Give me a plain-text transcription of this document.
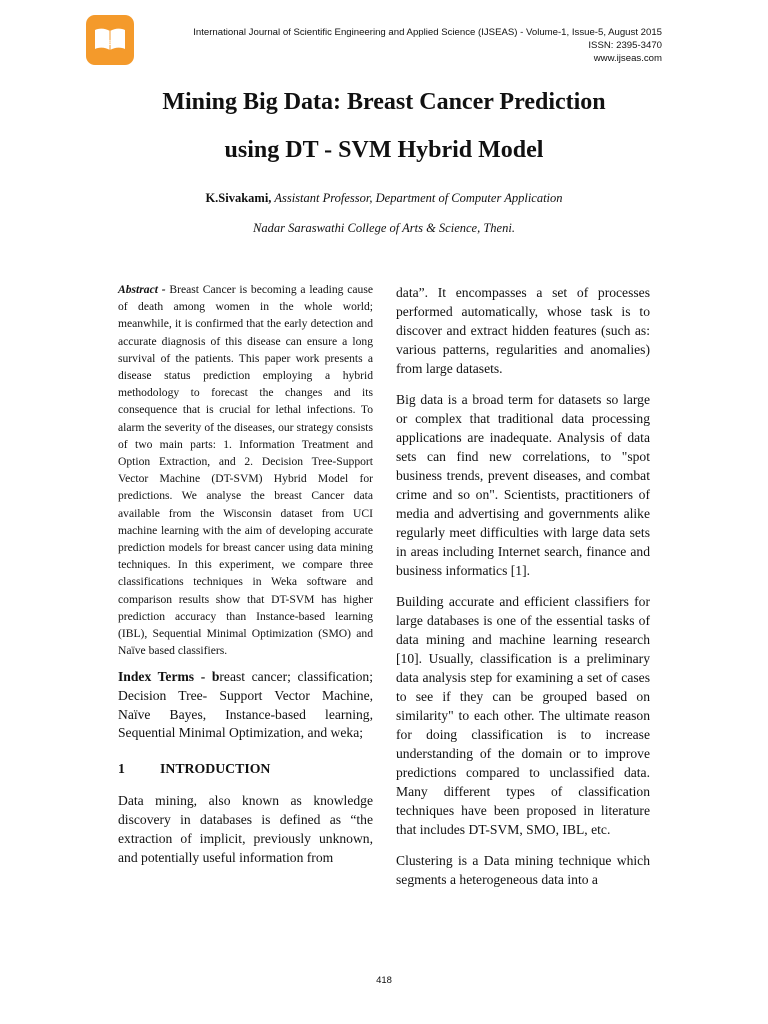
IJSEAS
International Journal of Scientific Engineering and Applied Science (IJSEAS) - Volume-1, Issue-5, August 2015
ISSN: 2395-3470
www.ijseas.com
Mining Big Data: Breast Cancer Prediction
using DT - SVM Hybrid Model
K.Sivakami, Assistant Professor, Department of Computer Application
Nadar Saraswathi College of Arts & Science, Theni.

Abstract - Breast Cancer is becoming a leading cause of death among women in the whole world; meanwhile, it is confirmed that the early detection and accurate diagnosis of this disease can ensure a long survival of the patients. This paper work presents a disease status prediction employing a hybrid methodology to forecast the changes and its consequence that is crucial for lethal infections. To alarm the severity of the diseases, our strategy consists of two main parts: 1. Information Treatment and Option Extraction, and 2. Decision Tree-Support Vector Machine (DT-SVM) Hybrid Model for predictions. We analyse the breast Cancer data available from the Wisconsin dataset from UCI machine learning with the aim of developing accurate prediction models for breast cancer using data mining techniques. In this experiment, we compare three classifications techniques in Weka software and comparison results show that DT-SVM has higher prediction accuracy than Instance-based learning (IBL), Sequential Minimal Optimization (SMO) and Naïve based classifiers.

Index Terms - breast cancer; classification; Decision Tree- Support Vector Machine, Naïve Bayes, Instance-based learning, Sequential Minimal Optimization, and weka;

1	INTRODUCTION

Data mining, also known as knowledge discovery in databases is defined as “the extraction of implicit, previously unknown, and potentially useful information from

data”. It encompasses a set of processes performed automatically, whose task is to discover and extract hidden features (such as: various patterns, regularities and anomalies) from large datasets.

Big data is a broad term for datasets so large or complex that traditional data processing applications are inadequate. Analysis of data sets can find new correlations, to "spot business trends, prevent diseases, and combat crime and so on". Scientists, practitioners of media and advertising and governments alike regularly meet difficulties with large data sets in areas including Internet search, finance and business informatics [1].

Building accurate and efficient classifiers for large databases is one of the essential tasks of data mining and machine learning research [10]. Usually, classification is a preliminary data analysis step for examining a set of cases to see if they can be grouped based on similarity" to each other. The ultimate reason for doing classification is to increase understanding of the domain or to improve predictions compared to unclassified data. Many different types of classification techniques have been proposed in literature that includes DT-SVM, SMO, IBL, etc.

Clustering is a Data mining technique which segments a heterogeneous data into a

418
